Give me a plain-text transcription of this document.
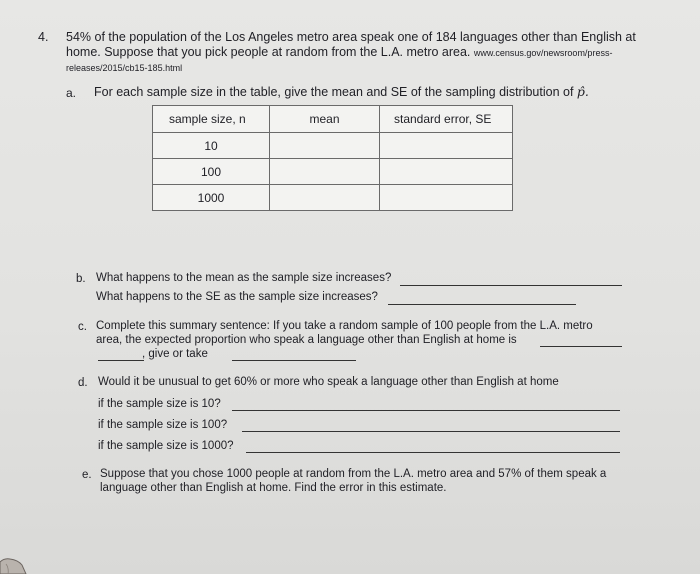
4. 54% of the population of the Los Angeles metro area speak one of 184 languages other than English at
home. Suppose that you pick people at random from the L.A. metro area. www.census.gov/newsroom/press-
releases/2015/cb15-185.html
a. For each sample size in the table, give the mean and SE of the sampling distribution of p̂.
sample size, n	mean	standard error, SE
10		
100		
1000		
b. What happens to the mean as the sample size increases?
What happens to the SE as the sample size increases?
c. Complete this summary sentence: If you take a random sample of 100 people from the L.A. metro
area, the expected proportion who speak a language other than English at home is
, give or take
d. Would it be unusual to get 60% or more who speak a language other than English at home
if the sample size is 10?
if the sample size is 100?
if the sample size is 1000?
e. Suppose that you chose 1000 people at random from the L.A. metro area and 57% of them speak a
language other than English at home. Find the error in this estimate.
